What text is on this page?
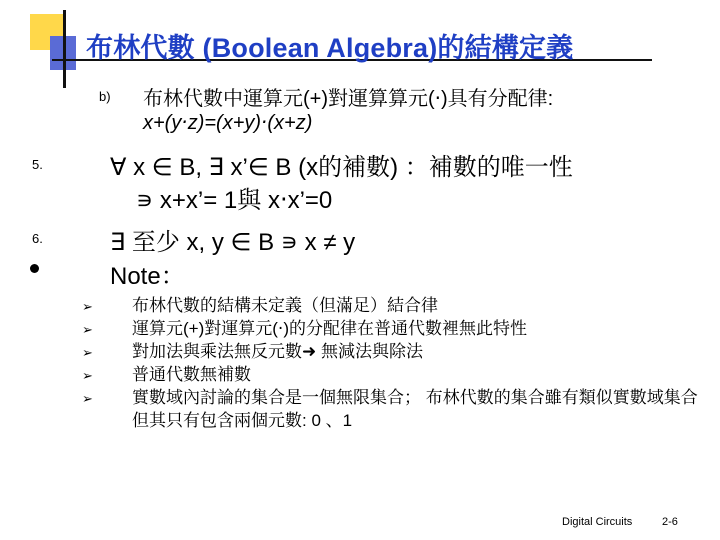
布林代數 (Boolean Algebra)的結構定義
b) 布林代數中運算元(+)對運算算元(‧)具有分配律:
x+(y‧z)=(x+y)‧(x+z)
5.	∀ x ∈ B, ∃ x’∈ B (x的補數) ：補數的唯一性
∍ x+x’= 1與 x‧x’=0
6.	∃ 至少 x, y ∈ B ∍ x ≠ y
Note：
➢ 布林代數的結構未定義（但滿足）結合律
➢ 運算元(+)對運算元(‧)的分配律在普通代數裡無此特性
➢ 對加法與乘法無反元數➜ 無減法與除法
➢ 普通代數無補數
➢ 實數域內討論的集合是一個無限集合； 布林代數的集合雖有類似實數域集合但其只有包含兩個元數: 0 、1
Digital Circuits	2-6
